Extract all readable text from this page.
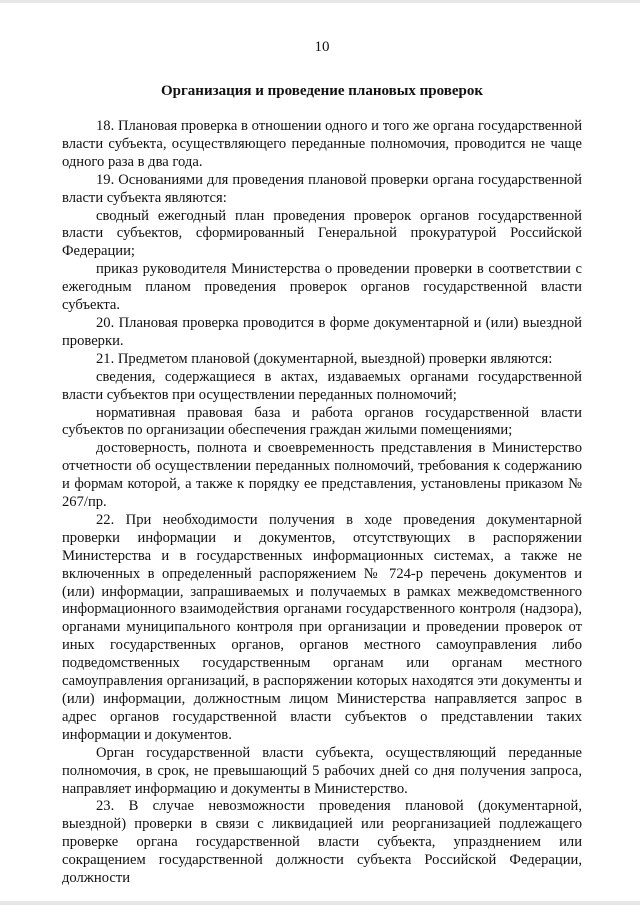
10
Организация и проведение плановых проверок

18. Плановая проверка в отношении одного и того же органа государственной власти субъекта, осуществляющего переданные полномочия, проводится не чаще одного раза в два года.

19. Основаниями для проведения плановой проверки органа государственной власти субъекта являются:

сводный ежегодный план проведения проверок органов государственной власти субъектов, сформированный Генеральной прокуратурой Российской Федерации;

приказ руководителя Министерства о проведении проверки в соответствии с ежегодным планом проведения проверок органов государственной власти субъекта.

20. Плановая проверка проводится в форме документарной и (или) выездной проверки.

21. Предметом плановой (документарной, выездной) проверки являются:

сведения, содержащиеся в актах, издаваемых органами государственной власти субъектов при осуществлении переданных полномочий;

нормативная правовая база и работа органов государственной власти субъектов по организации обеспечения граждан жилыми помещениями;

достоверность, полнота и своевременность представления в Министерство отчетности об осуществлении переданных полномочий, требования к содержанию и формам которой, а также к порядку ее представления, установлены приказом № 267/пр.

22. При необходимости получения в ходе проведения документарной проверки информации и документов, отсутствующих в распоряжении Министерства и в государственных информационных системах, а также не включенных в определенный распоряжением № 724-р перечень документов и (или) информации, запрашиваемых и получаемых в рамках межведомственного информационного взаимодействия органами государственного контроля (надзора), органами муниципального контроля при организации и проведении проверок от иных государственных органов, органов местного самоуправления либо подведомственных государственным органам или органам местного самоуправления организаций, в распоряжении которых находятся эти документы и (или) информации, должностным лицом Министерства направляется запрос в адрес органов государственной власти субъектов о представлении таких информации и документов.

Орган государственной власти субъекта, осуществляющий переданные полномочия, в срок, не превышающий 5 рабочих дней со дня получения запроса, направляет информацию и документы в Министерство.

23. В случае невозможности проведения плановой (документарной, выездной) проверки в связи с ликвидацией или реорганизацией подлежащего проверке органа государственной власти субъекта, упразднением или сокращением государственной должности субъекта Российской Федерации, должности
